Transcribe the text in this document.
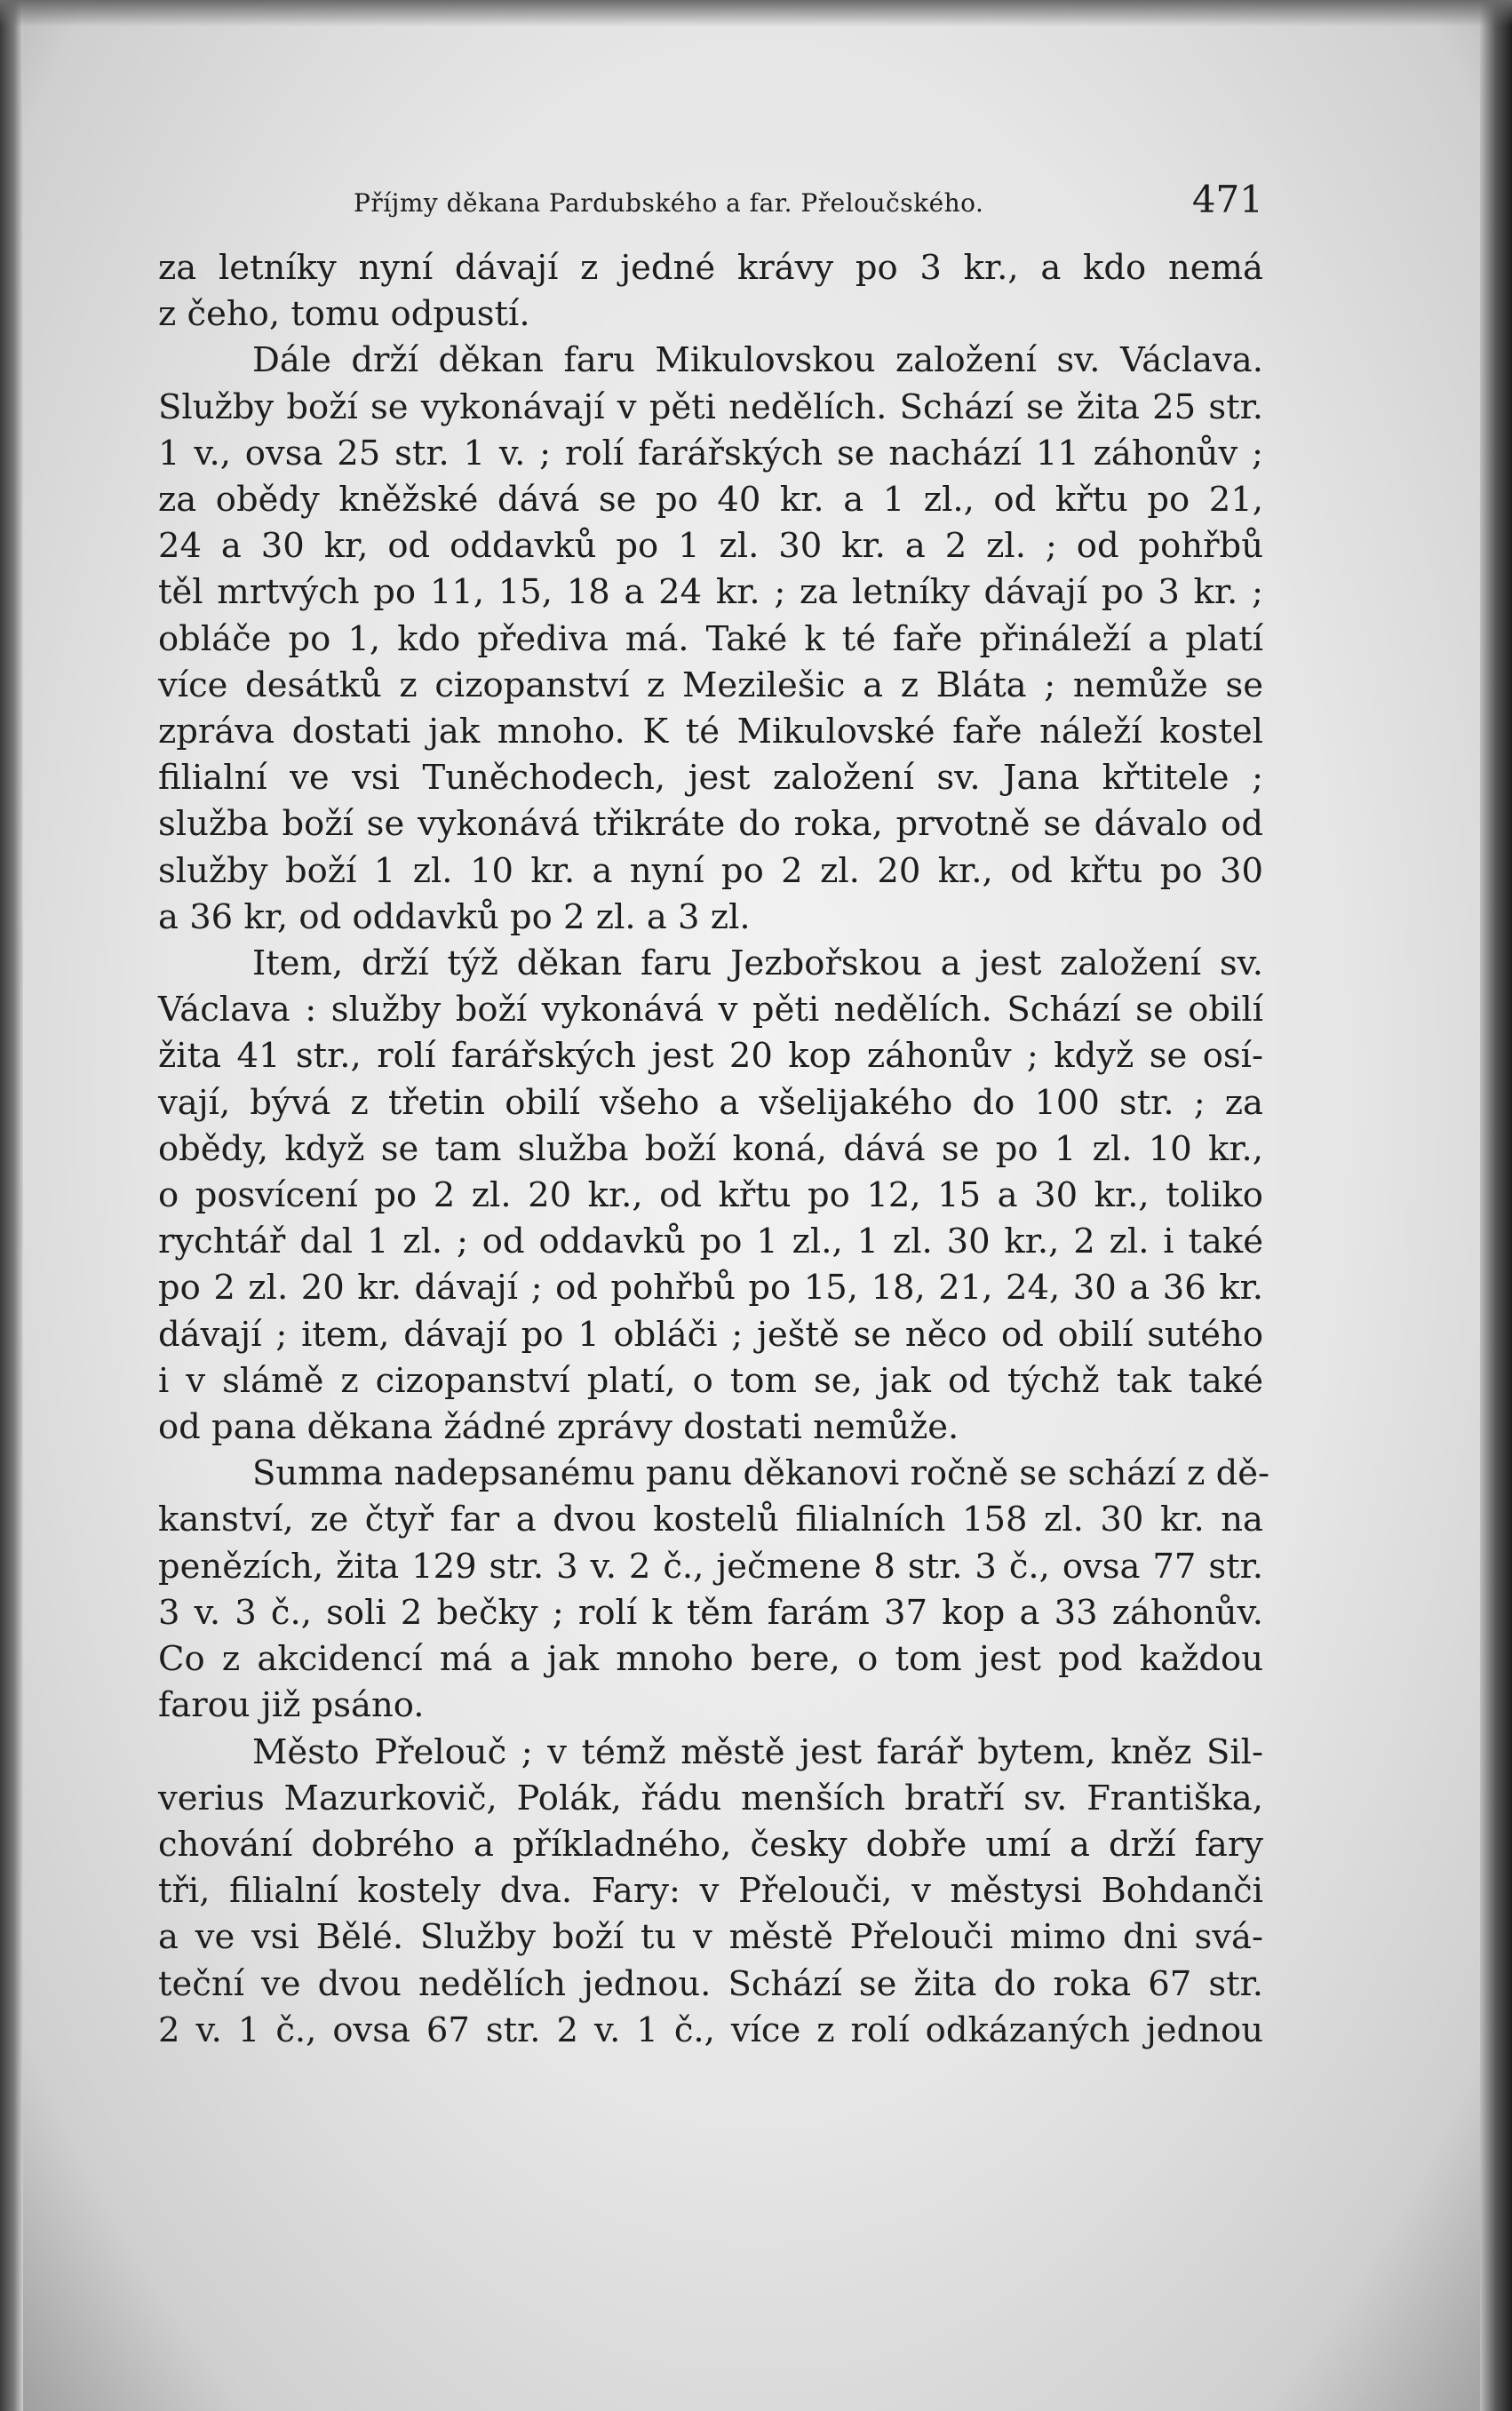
Příjmy děkana Pardubského a far. Přeloučského.	471
za letníky nyní dávají z jedné krávy po 3 kr., a kdo nemá
z čeho, tomu odpustí.
Dále drží děkan faru Mikulovskou založení sv. Václava.
Služby boží se vykonávají v pěti nedělích. Schází se žita 25 str.
1 v., ovsa 25 str. 1 v. ; rolí farářských se nachází 11 záhonův ;
za obědy kněžské dává se po 40 kr. a 1 zl., od křtu po 21,
24 a 30 kr, od oddavků po 1 zl. 30 kr. a 2 zl. ; od pohřbů
těl mrtvých po 11, 15, 18 a 24 kr. ; za letníky dávají po 3 kr. ;
obláče po 1, kdo přediva má. Také k té faře přináleží a platí
více desátků z cizopanství z Mezilešic a z Bláta ; nemůže se
zpráva dostati jak mnoho. K té Mikulovské faře náleží kostel
filialní ve vsi Tuněchodech, jest založení sv. Jana křtitele ;
služba boží se vykonává třikráte do roka, prvotně se dávalo od
služby boží 1 zl. 10 kr. a nyní po 2 zl. 20 kr., od křtu po 30
a 36 kr, od oddavků po 2 zl. a 3 zl.
Item, drží týž děkan faru Jezbořskou a jest založení sv.
Václava : služby boží vykonává v pěti nedělích. Schází se obilí
žita 41 str., rolí farářských jest 20 kop záhonův ; když se osí-
vají, bývá z třetin obilí všeho a všelijakého do 100 str. ; za
obědy, když se tam služba boží koná, dává se po 1 zl. 10 kr.,
o posvícení po 2 zl. 20 kr., od křtu po 12, 15 a 30 kr., toliko
rychtář dal 1 zl. ; od oddavků po 1 zl., 1 zl. 30 kr., 2 zl. i také
po 2 zl. 20 kr. dávají ; od pohřbů po 15, 18, 21, 24, 30 a 36 kr.
dávají ; item, dávají po 1 obláči ; ještě se něco od obilí sutého
i v slámě z cizopanství platí, o tom se, jak od týchž tak také
od pana děkana žádné zprávy dostati nemůže.
Summa nadepsanému panu děkanovi ročně se schází z dě-
kanství, ze čtyř far a dvou kostelů filialních 158 zl. 30 kr. na
penězích, žita 129 str. 3 v. 2 č., ječmene 8 str. 3 č., ovsa 77 str.
3 v. 3 č., soli 2 bečky ; rolí k těm farám 37 kop a 33 záhonův.
Co z akcidencí má a jak mnoho bere, o tom jest pod každou
farou již psáno.
Město Přelouč ; v témž městě jest farář bytem, kněz Sil-
verius Mazurkovič, Polák, řádu menších bratří sv. Františka,
chování dobrého a příkladného, česky dobře umí a drží fary
tři, filialní kostely dva. Fary: v Přelouči, v městysi Bohdanči
a ve vsi Bělé. Služby boží tu v městě Přelouči mimo dni svá-
teční ve dvou nedělích jednou. Schází se žita do roka 67 str.
2 v. 1 č., ovsa 67 str. 2 v. 1 č., více z rolí odkázaných jednou
